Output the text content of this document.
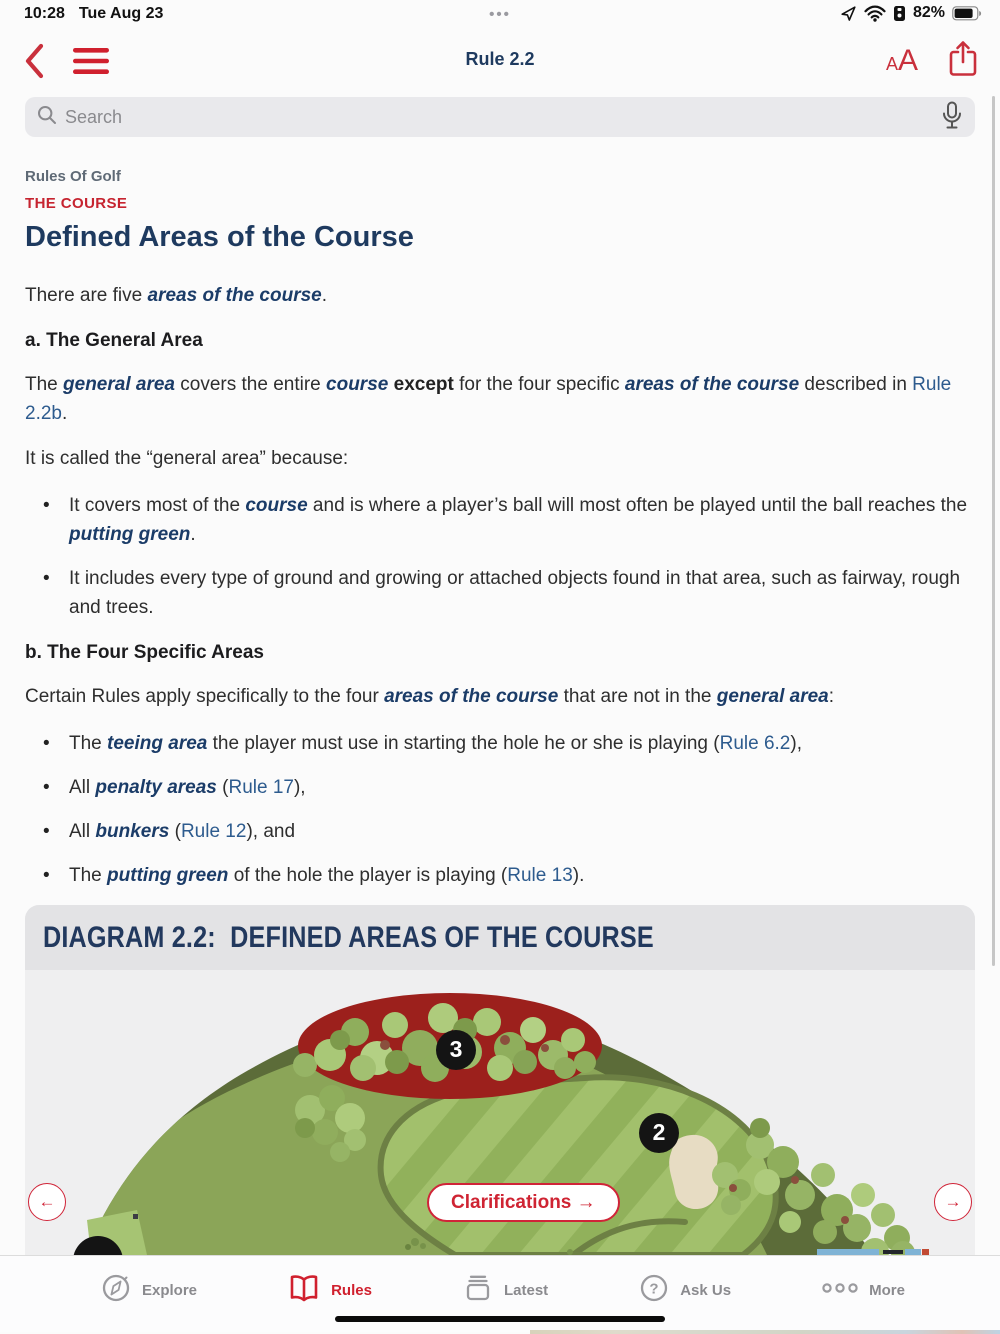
10:28 Tue Aug 23	•••	82%
Rule 2.2	A A
Search
Rules Of Golf
THE COURSE
Defined Areas of the Course

There are five areas of the course.

a. The General Area

The general area covers the entire course except for the four specific areas of the course described in Rule 2.2b.

It is called the “general area” because:

• It covers most of the course and is where a player’s ball will most often be played until the ball reaches the putting green.
• It includes every type of ground and growing or attached objects found in that area, such as fairway, rough and trees.
b. The Four Specific Areas

Certain Rules apply specifically to the four areas of the course that are not in the general area:

• The teeing area the player must use in starting the hole he or she is playing (Rule 6.2),
• All penalty areas (Rule 17),
• All bunkers (Rule 12), and
• The putting green of the hole the player is playing (Rule 13).
DIAGRAM 2.2:  DEFINED AREAS OF THE COURSE
3
2
←	→
Clarifications →
Explore	Rules	Latest	? Ask Us	More
